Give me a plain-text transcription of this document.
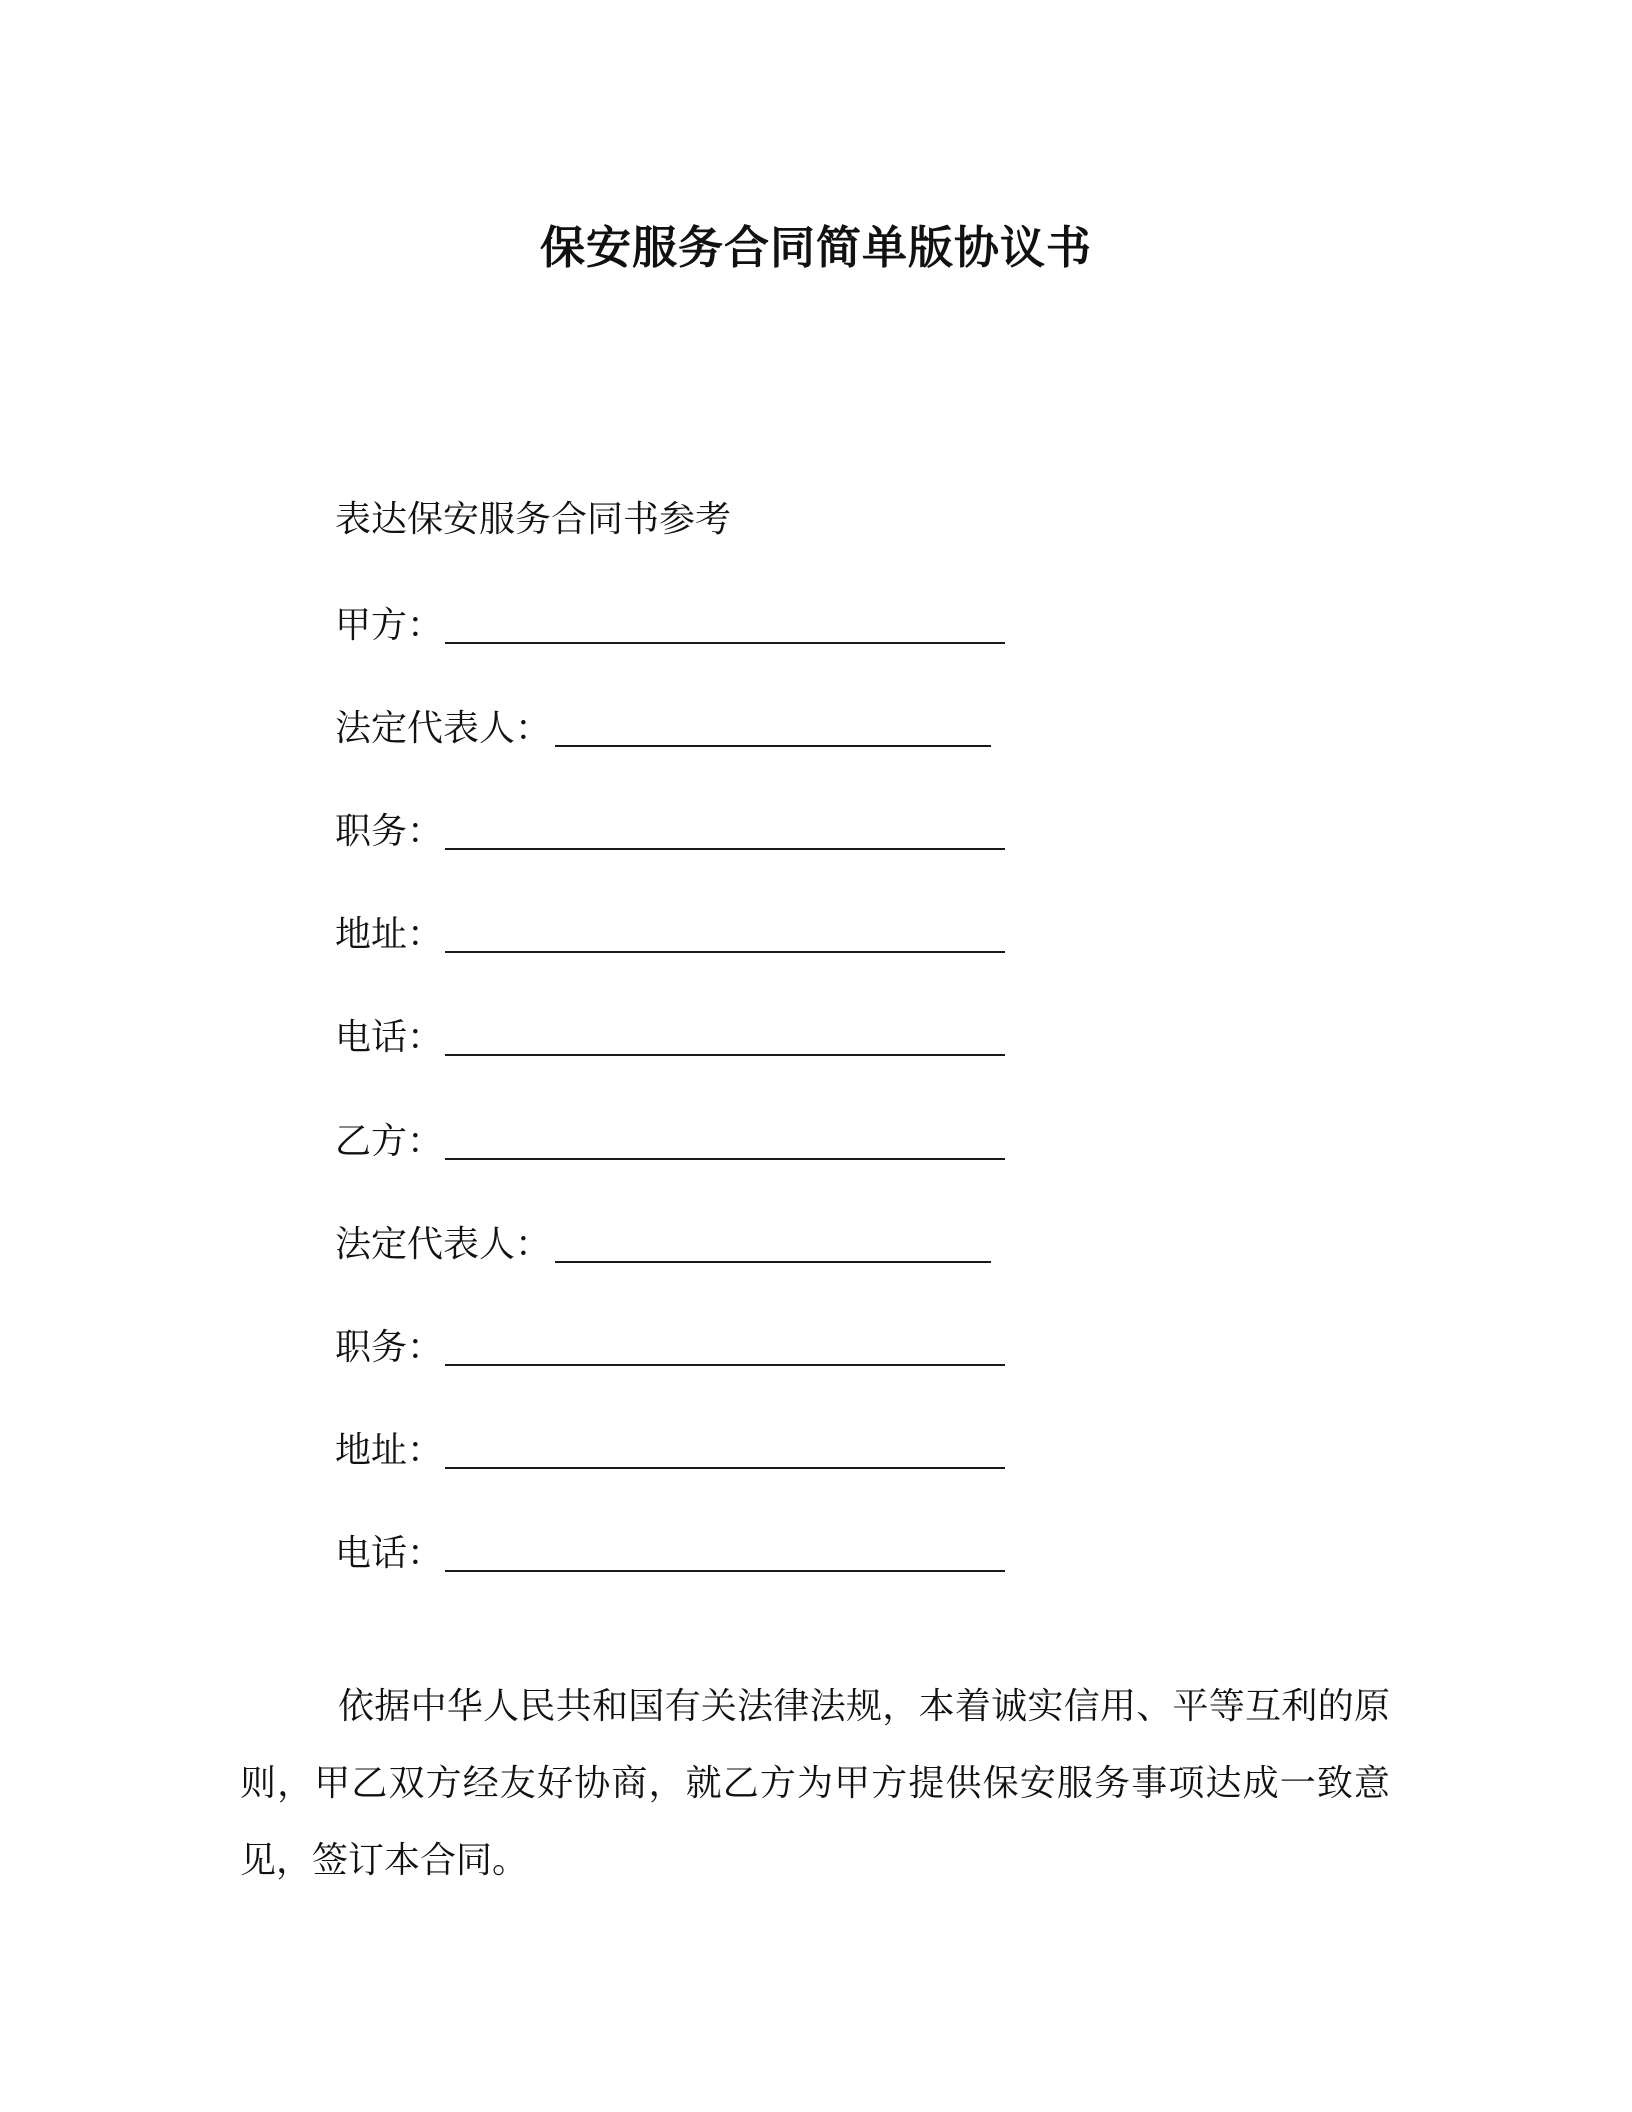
保安服务合同简单版协议书
表达保安服务合同书参考
甲方：
法定代表人：
职务：
地址：
电话：
乙方：
法定代表人：
职务：
地址：
电话：

依据中华人民共和国有关法律法规，本着诚实信用、平等互利的原则，甲乙双方经友好协商，就乙方为甲方提供保安服务事项达成一致意见，签订本合同。
